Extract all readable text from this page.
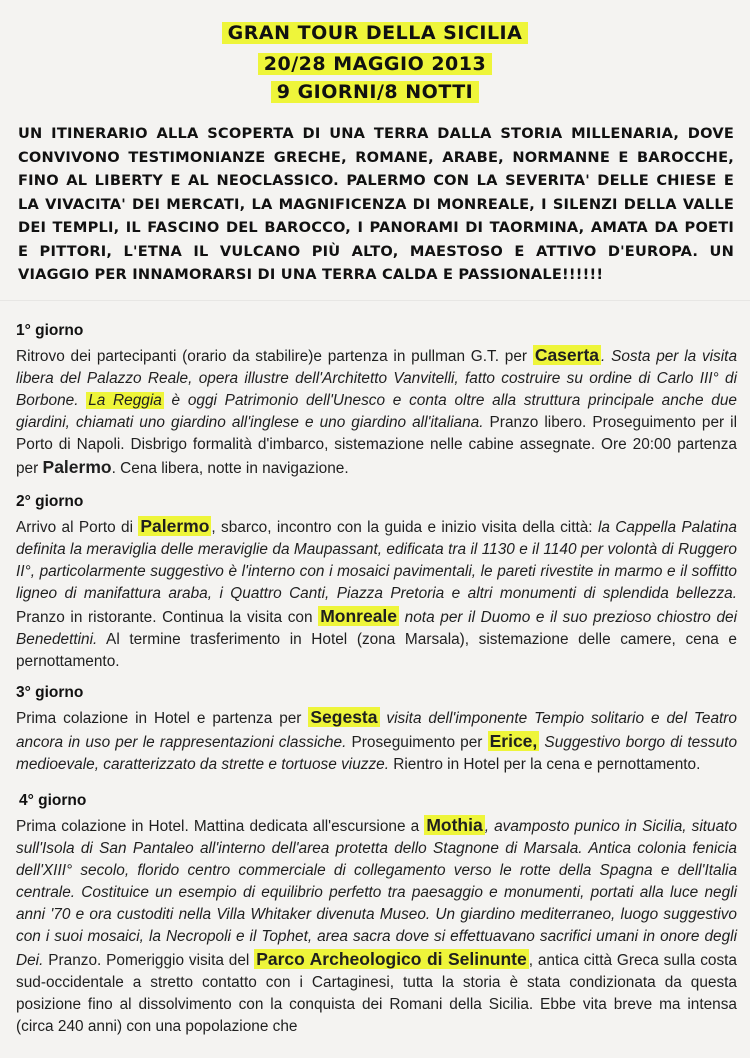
GRAN TOUR DELLA SICILIA
20/28 MAGGIO 2013
9 GIORNI/8 NOTTI
UN ITINERARIO ALLA SCOPERTA DI UNA TERRA DALLA STORIA MILLENARIA, DOVE CONVIVONO TESTIMONIANZE GRECHE, ROMANE, ARABE, NORMANNE E BAROCCHE, FINO AL LIBERTY E AL NEOCLASSICO. PALERMO CON LA SEVERITA' DELLE CHIESE E LA VIVACITA' DEI MERCATI, LA MAGNIFICENZA DI MONREALE, I SILENZI DELLA VALLE DEI TEMPLI, IL FASCINO DEL BAROCCO, I PANORAMI DI TAORMINA, AMATA DA POETI E PITTORI, L'ETNA IL VULCANO PIÙ ALTO, MAESTOSO E ATTIVO D'EUROPA. UN VIAGGIO PER INNAMORARSI DI UNA TERRA CALDA E PASSIONALE!!!!!!
1° giorno
Ritrovo dei partecipanti (orario da stabilire)e partenza in pullman G.T. per Caserta . Sosta per la visita libera del Palazzo Reale, opera illustre dell'Architetto Vanvitelli, fatto costruire su ordine di Carlo III° di Borbone. La Reggia è oggi Patrimonio dell'Unesco e conta oltre alla struttura principale anche due giardini, chiamati uno giardino all'inglese e uno giardino all'italiana. Pranzo libero. Proseguimento per il Porto di Napoli. Disbrigo formalità d'imbarco, sistemazione nelle cabine assegnate. Ore 20:00 partenza per Palermo. Cena libera, notte in navigazione.
2° giorno
Arrivo al Porto di Palermo , sbarco, incontro con la guida e inizio visita della città: la Cappella Palatina definita la meraviglia delle meraviglie da Maupassant, edificata tra il 1130 e il 1140 per volontà di Ruggero II°, particolarmente suggestivo è l'interno con i mosaici pavimentali, le pareti rivestite in marmo e il soffitto ligneo di manifattura araba, i Quattro Canti, Piazza Pretoria e altri monumenti di splendida bellezza. Pranzo in ristorante. Continua la visita con Monreale nota per il Duomo e il suo prezioso chiostro dei Benedettini. Al termine trasferimento in Hotel (zona Marsala), sistemazione delle camere, cena e pernottamento.
3° giorno
Prima colazione in Hotel e partenza per Segesta visita dell'imponente Tempio solitario e del Teatro ancora in uso per le rappresentazioni classiche. Proseguimento per Erice, Suggestivo borgo di tessuto medioevale, caratterizzato da strette e tortuose viuzze. Rientro in Hotel per la cena e pernottamento.
4° giorno
Prima colazione in Hotel. Mattina dedicata all'escursione a Mothia , avamposto punico in Sicilia, situato sull'Isola di San Pantaleo all'interno dell'area protetta dello Stagnone di Marsala. Antica colonia fenicia dell'XIII° secolo, florido centro commerciale di collegamento verso le rotte della Spagna e dell'Italia centrale. Costituice un esempio di equilibrio perfetto tra paesaggio e monumenti, portati alla luce negli anni '70 e ora custoditi nella Villa Whitaker divenuta Museo. Un giardino mediterraneo, luogo suggestivo con i suoi mosaici, la Necropoli e il Tophet, area sacra dove si effettuavano sacrifici umani in onore degli Dei. Pranzo. Pomeriggio visita del Parco Archeologico di Selinunte , antica città Greca sulla costa sud-occidentale a stretto contatto con i Cartaginesi, tutta la storia è stata condizionata da questa posizione fino al dissolvimento con la conquista dei Romani della Sicilia. Ebbe vita breve ma intensa (circa 240 anni) con una popolazione che
